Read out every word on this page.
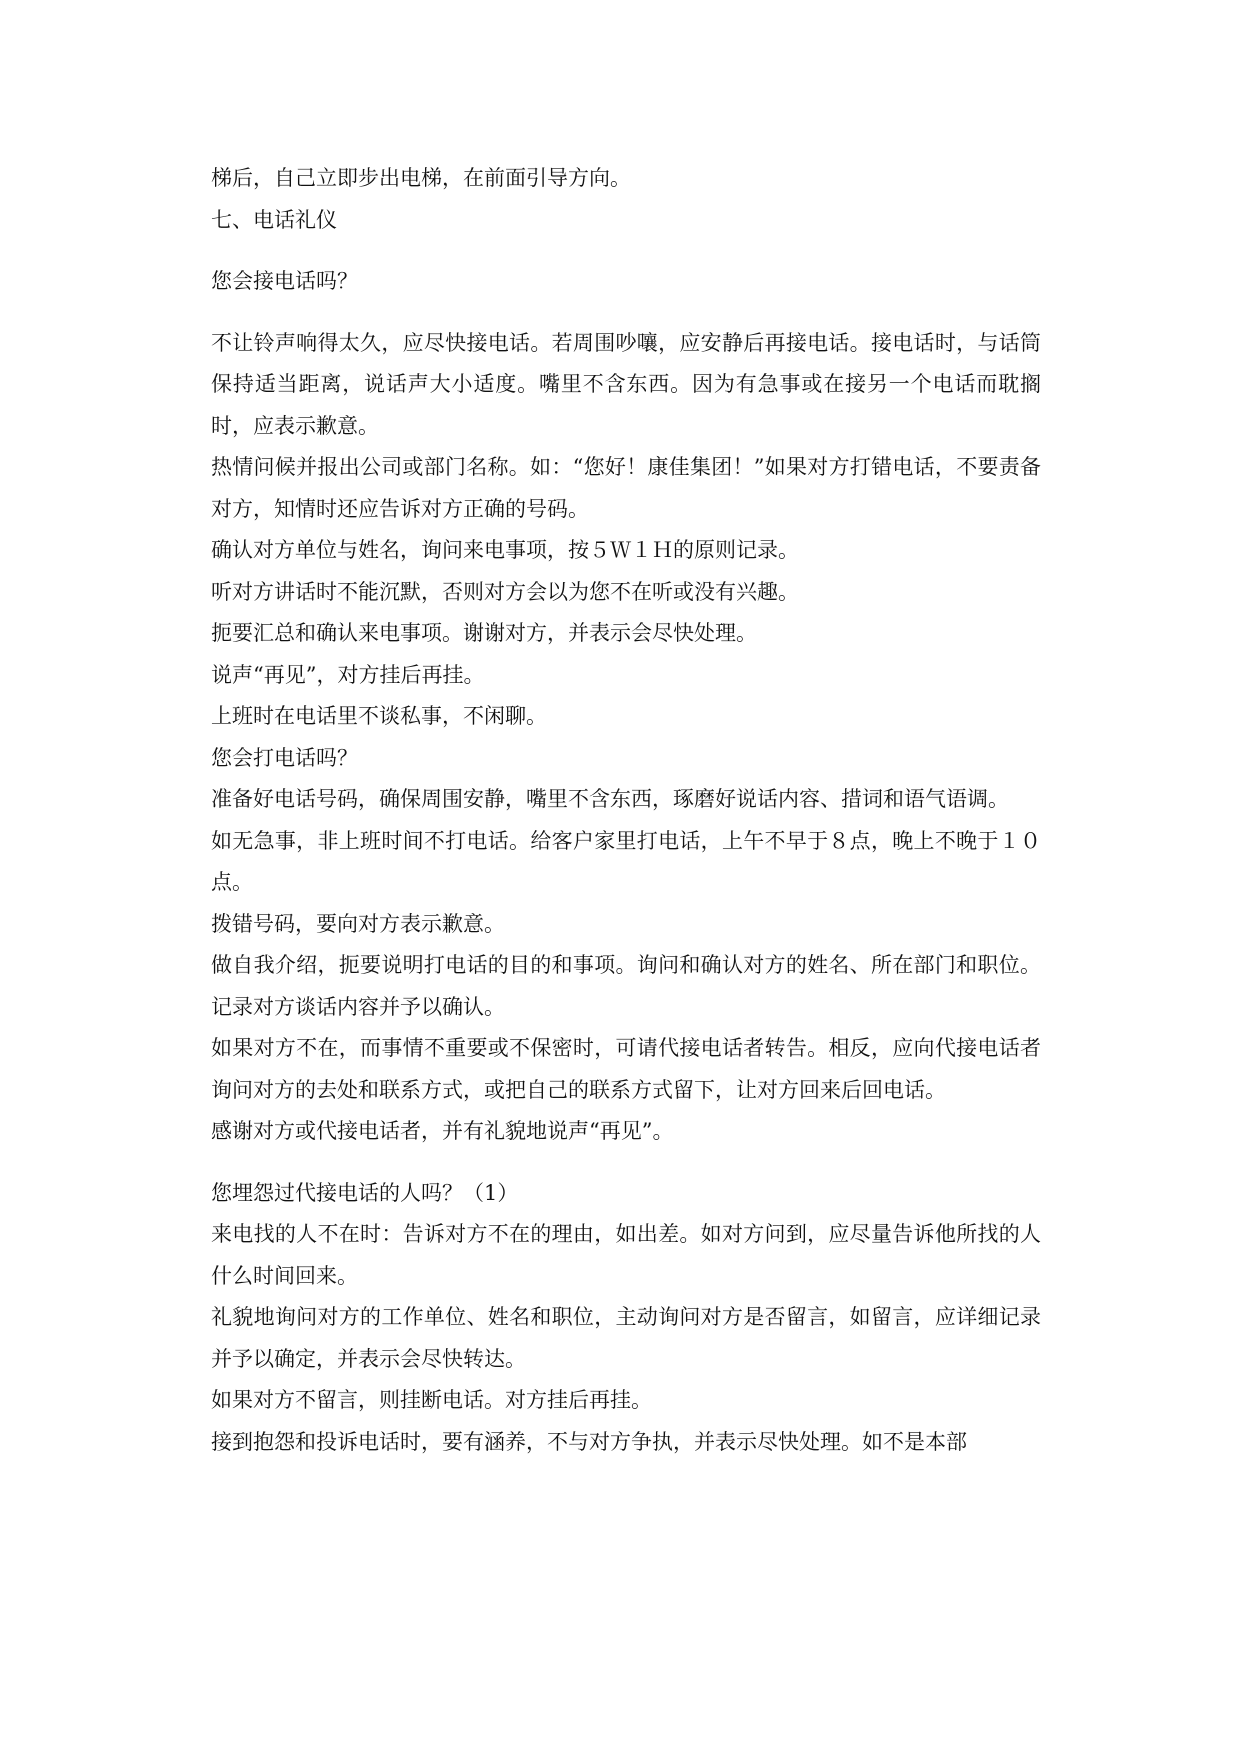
梯后，自己立即步出电梯，在前面引导方向。

七、电话礼仪

您会接电话吗？

不让铃声响得太久，应尽快接电话。若周围吵嚷，应安静后再接电话。接电话时，与话筒保持适当距离，说话声大小适度。嘴里不含东西。因为有急事或在接另一个电话而耽搁时，应表示歉意。

热情问候并报出公司或部门名称。如：“您好！康佳集团！”如果对方打错电话，不要责备对方，知情时还应告诉对方正确的号码。

确认对方单位与姓名，询问来电事项，按５Ｗ１Ｈ的原则记录。

听对方讲话时不能沉默，否则对方会以为您不在听或没有兴趣。

扼要汇总和确认来电事项。谢谢对方，并表示会尽快处理。

说声“再见”，对方挂后再挂。

上班时在电话里不谈私事，不闲聊。

您会打电话吗？

准备好电话号码，确保周围安静，嘴里不含东西，琢磨好说话内容、措词和语气语调。

如无急事，非上班时间不打电话。给客户家里打电话，上午不早于８点，晚上不晚于１０点。

拨错号码，要向对方表示歉意。

做自我介绍，扼要说明打电话的目的和事项。询问和确认对方的姓名、所在部门和职位。记录对方谈话内容并予以确认。

如果对方不在，而事情不重要或不保密时，可请代接电话者转告。相反，应向代接电话者询问对方的去处和联系方式，或把自己的联系方式留下，让对方回来后回电话。

感谢对方或代接电话者，并有礼貌地说声“再见”。

您埋怨过代接电话的人吗？（1）

来电找的人不在时：告诉对方不在的理由，如出差。如对方问到，应尽量告诉他所找的人什么时间回来。

礼貌地询问对方的工作单位、姓名和职位，主动询问对方是否留言，如留言，应详细记录并予以确定，并表示会尽快转达。

如果对方不留言，则挂断电话。对方挂后再挂。

接到抱怨和投诉电话时，要有涵养，不与对方争执，并表示尽快处理。如不是本部
